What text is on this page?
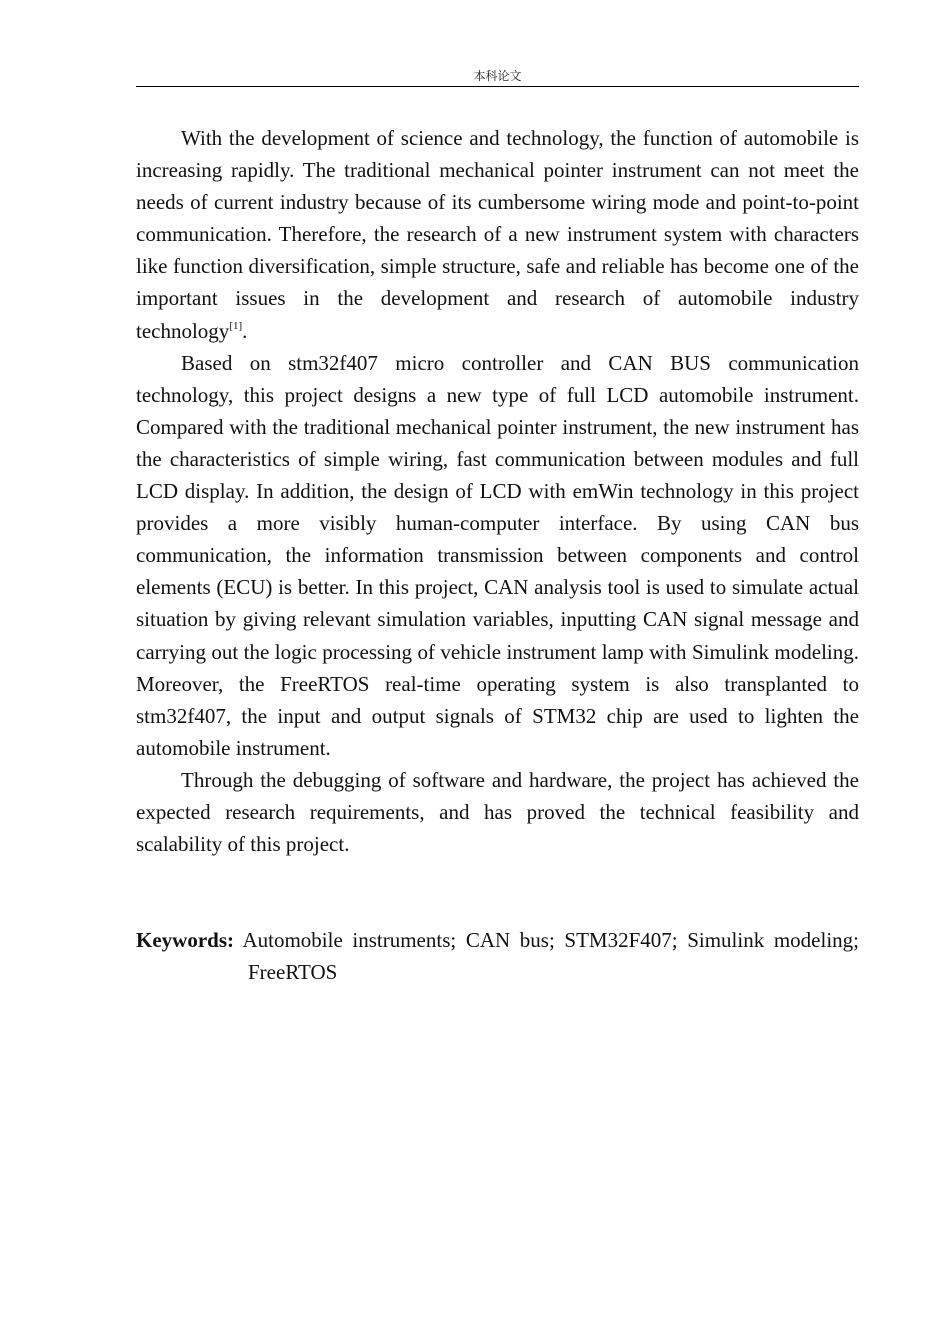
本科论文

With the development of science and technology, the function of automobile is increasing rapidly. The traditional mechanical pointer instrument can not meet the needs of current industry because of its cumbersome wiring mode and point-to-point communication. Therefore, the research of a new instrument system with characters like function diversification, simple structure, safe and reliable has become one of the important issues in the development and research of automobile industry technology[1].

Based on stm32f407 micro controller and CAN BUS communication technology, this project designs a new type of full LCD automobile instrument. Compared with the traditional mechanical pointer instrument, the new instrument has the characteristics of simple wiring, fast communication between modules and full LCD display. In addition, the design of LCD with emWin technology in this project provides a more visibly human-computer interface. By using CAN bus communication, the information transmission between components and control elements (ECU) is better. In this project, CAN analysis tool is used to simulate actual situation by giving relevant simulation variables, inputting CAN signal message and carrying out the logic processing of vehicle instrument lamp with Simulink modeling. Moreover, the FreeRTOS real-time operating system is also transplanted to stm32f407, the input and output signals of STM32 chip are used to lighten the automobile instrument.

Through the debugging of software and hardware, the project has achieved the expected research requirements, and has proved the technical feasibility and scalability of this project.

Keywords: Automobile instruments; CAN bus; STM32F407; Simulink modeling; FreeRTOS
